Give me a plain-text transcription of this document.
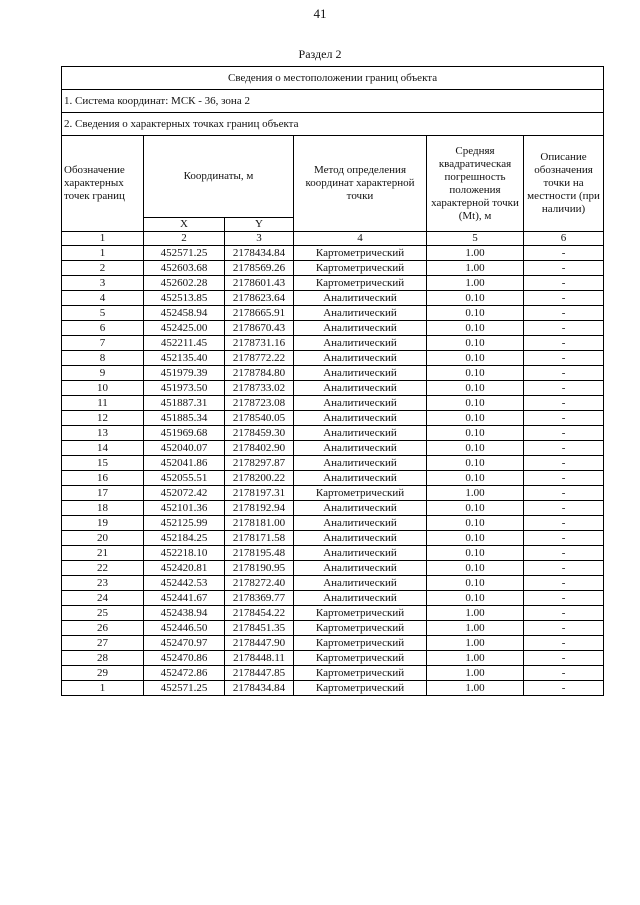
41
Раздел 2
Сведения о местоположении границ объекта					
1. Система координат: МСК - 36, зона 2					
2. Сведения о характерных точках границ объекта					
Обозначение характерных точек границ	Координаты, м		Метод определения координат характерной точки	Средняя квадратическая погрешность положения характерной точки (Mt), м	Описание обозначения точки на местности (при наличии)
	X	Y			
1	2	3	4	5	6
1	452571.25	2178434.84	Картометрический	1.00	-
2	452603.68	2178569.26	Картометрический	1.00	-
3	452602.28	2178601.43	Картометрический	1.00	-
4	452513.85	2178623.64	Аналитический	0.10	-
5	452458.94	2178665.91	Аналитический	0.10	-
6	452425.00	2178670.43	Аналитический	0.10	-
7	452211.45	2178731.16	Аналитический	0.10	-
8	452135.40	2178772.22	Аналитический	0.10	-
9	451979.39	2178784.80	Аналитический	0.10	-
10	451973.50	2178733.02	Аналитический	0.10	-
11	451887.31	2178723.08	Аналитический	0.10	-
12	451885.34	2178540.05	Аналитический	0.10	-
13	451969.68	2178459.30	Аналитический	0.10	-
14	452040.07	2178402.90	Аналитический	0.10	-
15	452041.86	2178297.87	Аналитический	0.10	-
16	452055.51	2178200.22	Аналитический	0.10	-
17	452072.42	2178197.31	Картометрический	1.00	-
18	452101.36	2178192.94	Аналитический	0.10	-
19	452125.99	2178181.00	Аналитический	0.10	-
20	452184.25	2178171.58	Аналитический	0.10	-
21	452218.10	2178195.48	Аналитический	0.10	-
22	452420.81	2178190.95	Аналитический	0.10	-
23	452442.53	2178272.40	Аналитический	0.10	-
24	452441.67	2178369.77	Аналитический	0.10	-
25	452438.94	2178454.22	Картометрический	1.00	-
26	452446.50	2178451.35	Картометрический	1.00	-
27	452470.97	2178447.90	Картометрический	1.00	-
28	452470.86	2178448.11	Картометрический	1.00	-
29	452472.86	2178447.85	Картометрический	1.00	-
1	452571.25	2178434.84	Картометрический	1.00	-
